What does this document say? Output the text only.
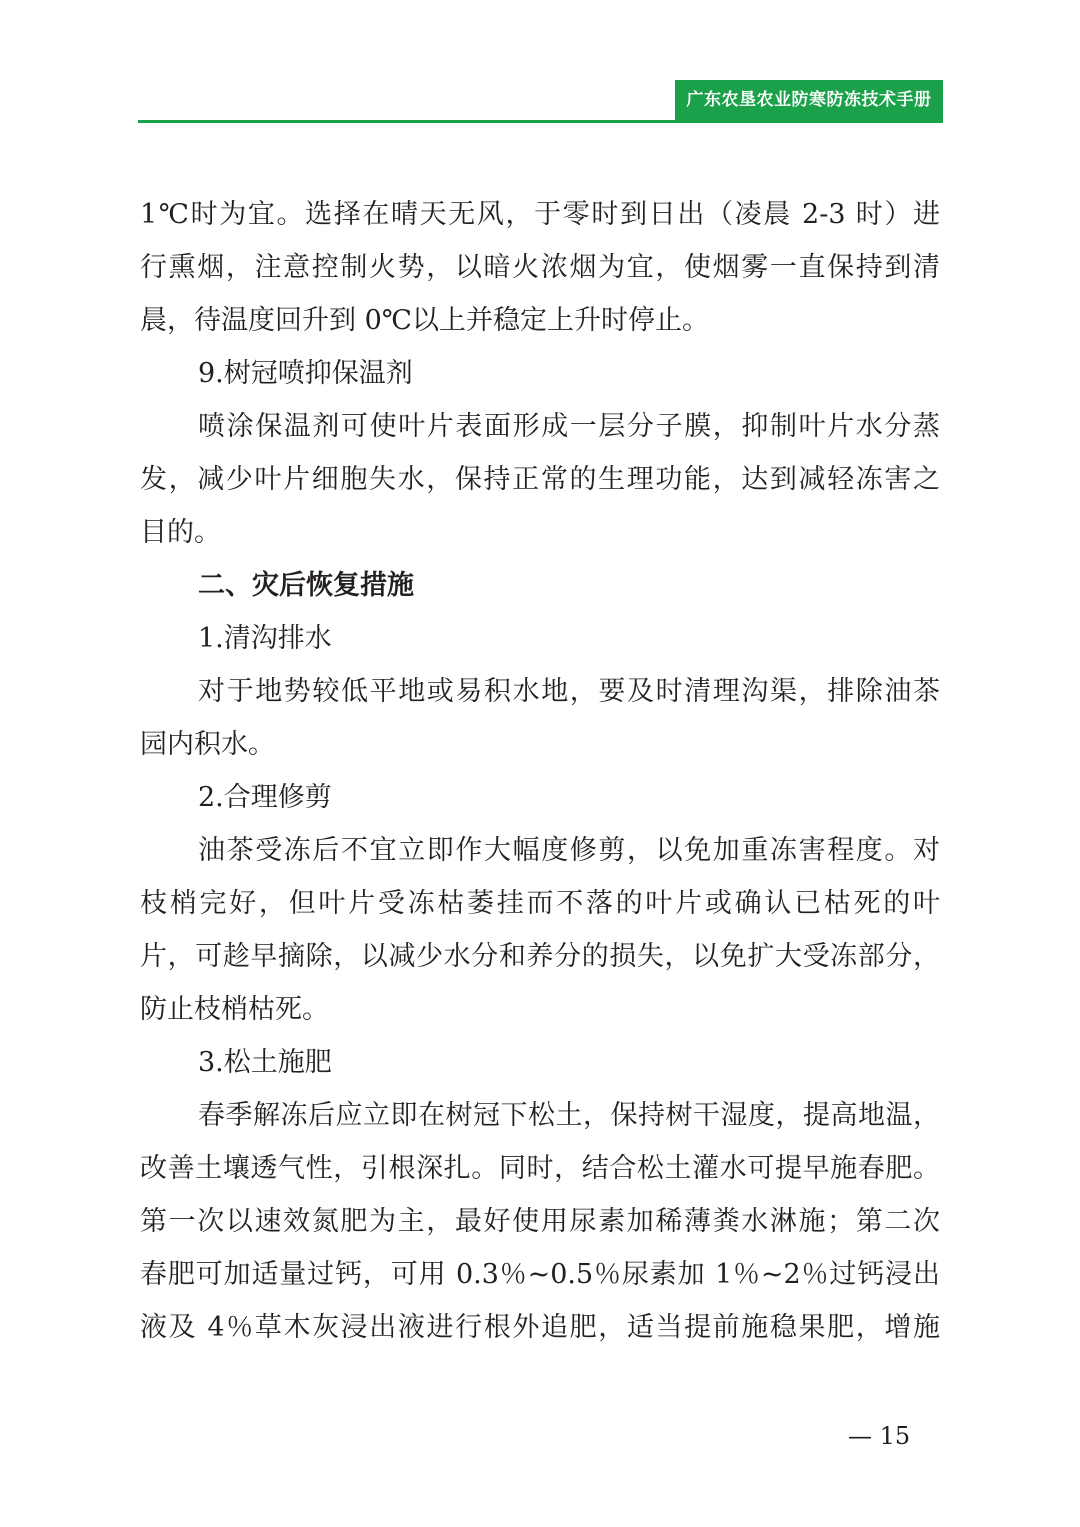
广东农垦农业防寒防冻技术手册
1℃时为宜。选择在晴天无风，于零时到日出（凌晨 2-3 时）进
行熏烟，注意控制火势，以暗火浓烟为宜，使烟雾一直保持到清
晨，待温度回升到 0℃以上并稳定上升时停止。
9.树冠喷抑保温剂
喷涂保温剂可使叶片表面形成一层分子膜，抑制叶片水分蒸
发，减少叶片细胞失水，保持正常的生理功能，达到减轻冻害之
目的。
二、灾后恢复措施
1.清沟排水
对于地势较低平地或易积水地，要及时清理沟渠，排除油茶
园内积水。
2.合理修剪
油茶受冻后不宜立即作大幅度修剪，以免加重冻害程度。对
枝梢完好，但叶片受冻枯萎挂而不落的叶片或确认已枯死的叶
片，可趁早摘除，以减少水分和养分的损失，以免扩大受冻部分，
防止枝梢枯死。
3.松土施肥
春季解冻后应立即在树冠下松土，保持树干湿度，提高地温，
改善土壤透气性，引根深扎。同时，结合松土灌水可提早施春肥。
第一次以速效氮肥为主，最好使用尿素加稀薄粪水淋施；第二次
春肥可加适量过钙，可用 0.3％~0.5％尿素加 1％~2％过钙浸出
液及 4％草木灰浸出液进行根外追肥，适当提前施稳果肥，增施
— 15
